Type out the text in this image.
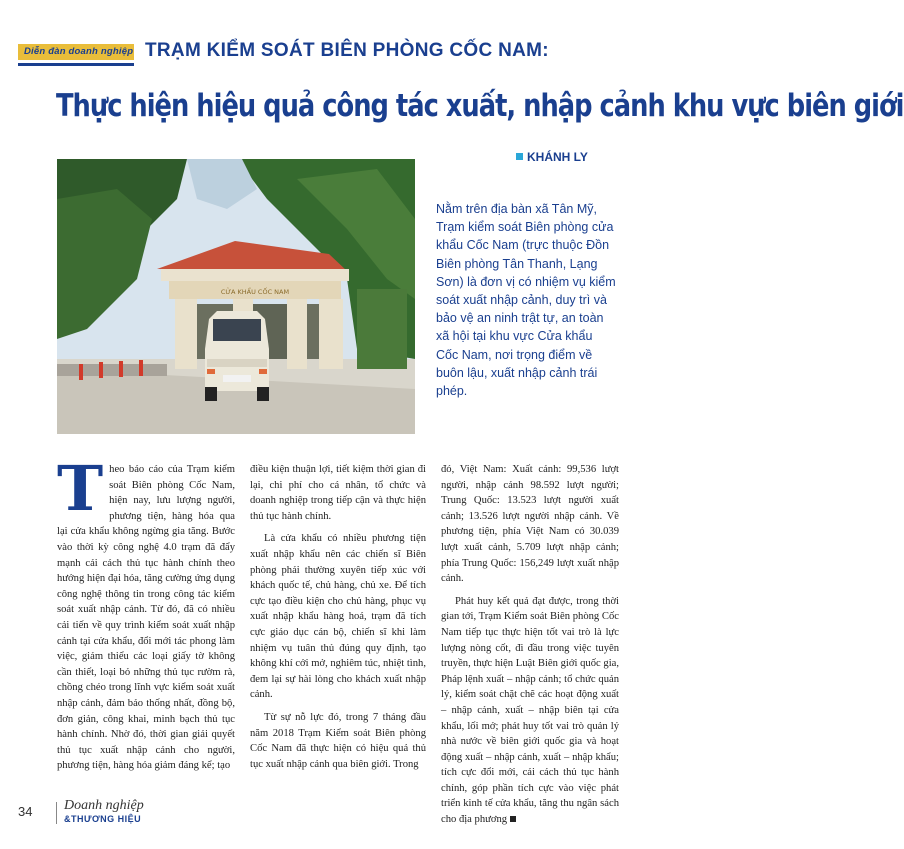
Diễn đàn doanh nghiệp TRẠM KIỂM SOÁT BIÊN PHÒNG CỐC NAM:
Thực hiện hiệu quả công tác xuất, nhập cảnh khu vực biên giới
KHÁNH LY
CỬA KHẨU CỐC NAM
Nằm trên địa bàn xã Tân Mỹ, Trạm kiểm soát Biên phòng cửa khẩu Cốc Nam (trực thuộc Đồn Biên phòng Tân Thanh, Lạng Sơn) là đơn vị có nhiệm vụ kiểm soát xuất nhập cảnh, duy trì và bảo vệ an ninh trật tự, an toàn xã hội tại khu vực Cửa khẩu Cốc Nam, nơi trọng điểm về buôn lậu, xuất nhập cảnh trái phép.

Theo báo cáo của Trạm kiểm soát Biên phòng Cốc Nam, hiện nay, lưu lượng người, phương tiện, hàng hóa qua lại cửa khẩu không ngừng gia tăng. Bước vào thời kỳ công nghệ 4.0 trạm đã đẩy mạnh cải cách thủ tục hành chính theo hướng hiện đại hóa, tăng cường ứng dụng công nghệ thông tin trong công tác kiểm soát xuất nhập cảnh. Từ đó, đã có nhiều cải tiến về quy trình kiểm soát xuất nhập cảnh tại cửa khẩu, đổi mới tác phong làm việc, giảm thiểu các loại giấy tờ không cần thiết, loại bỏ những thủ tục rườm rà, chồng chéo trong lĩnh vực kiểm soát xuất nhập cảnh, đảm bảo thống nhất, đồng bộ, đơn giản, công khai, minh bạch thủ tục hành chính. Nhờ đó, thời gian giải quyết thủ tục xuất nhập cảnh cho người, phương tiện, hàng hóa giảm đáng kể; tạo

điều kiện thuận lợi, tiết kiệm thời gian đi lại, chi phí cho cá nhân, tổ chức và doanh nghiệp trong tiếp cận và thực hiện thủ tục hành chính.

Là cửa khẩu có nhiều phương tiện xuất nhập khẩu nên các chiến sĩ Biên phòng phải thường xuyên tiếp xúc với khách quốc tế, chủ hàng, chủ xe. Để tích cực tạo điều kiện cho chủ hàng, phục vụ xuất nhập khẩu hàng hoá, trạm đã tích cực giáo dục cán bộ, chiến sĩ khi làm nhiệm vụ tuân thủ đúng quy định, tạo không khí cởi mở, nghiêm túc, nhiệt tình, đem lại sự hài lòng cho khách xuất nhập cảnh.

Từ sự nỗ lực đó, trong 7 tháng đầu năm 2018 Trạm Kiểm soát Biên phòng Cốc Nam đã thực hiện có hiệu quả thủ tục xuất nhập cảnh qua biên giới. Trong

đó, Việt Nam: Xuất cảnh: 99,536 lượt người, nhập cảnh 98.592 lượt người; Trung Quốc: 13.523 lượt người xuất cảnh; 13.526 lượt người nhập cảnh. Về phương tiện, phía Việt Nam có 30.039 lượt xuất cảnh, 5.709 lượt nhập cảnh; phía Trung Quốc: 156,249 lượt xuất nhập cảnh.

Phát huy kết quả đạt được, trong thời gian tới, Trạm Kiểm soát Biên phòng Cốc Nam tiếp tục thực hiện tốt vai trò là lực lượng nòng cốt, đi đầu trong việc tuyên truyền, thực hiện Luật Biên giới quốc gia, Pháp lệnh xuất – nhập cảnh; tổ chức quản lý, kiểm soát chặt chẽ các hoạt động xuất – nhập cảnh, xuất – nhập biên tại cửa khẩu, lối mở; phát huy tốt vai trò quản lý nhà nước về biên giới quốc gia và hoạt động xuất – nhập cảnh, xuất – nhập khẩu; tích cực đổi mới, cải cách thủ tục hành chính, góp phần tích cực vào việc phát triển kinh tế cửa khẩu, tăng thu ngân sách cho địa phương

34 Doanh nghiệp
&THƯƠNG HIỆU
